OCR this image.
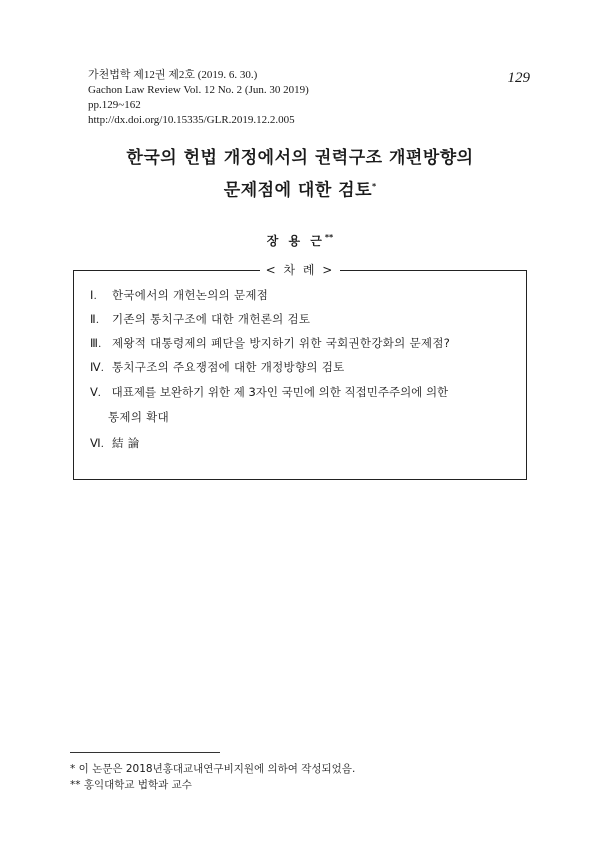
가천법학 제12권 제2호 (2019. 6. 30.)
Gachon Law Review Vol. 12 No. 2 (Jun. 30 2019)
pp.129~162
http://dx.doi.org/10.15335/GLR.2019.12.2.005
129
한국의 헌법 개정에서의 권력구조 개편방향의
문제점에 대한 검토*
장 용 근**
< 차 례 >
Ⅰ. 한국에서의 개헌논의의 문제점
Ⅱ. 기존의 통치구조에 대한 개헌론의 검토
Ⅲ. 제왕적 대통령제의 폐단을 방지하기 위한 국회권한강화의 문제점?
Ⅳ. 통치구조의 주요쟁점에 대한 개정방향의 검토
Ⅴ. 대표제를 보완하기 위한 제 3자인 국민에 의한 직접민주주의에 의한
통제의 확대
Ⅵ. 結 論
* 이 논문은 2018년홍대교내연구비지원에 의하여 작성되었음.
** 홍익대학교 법학과 교수
